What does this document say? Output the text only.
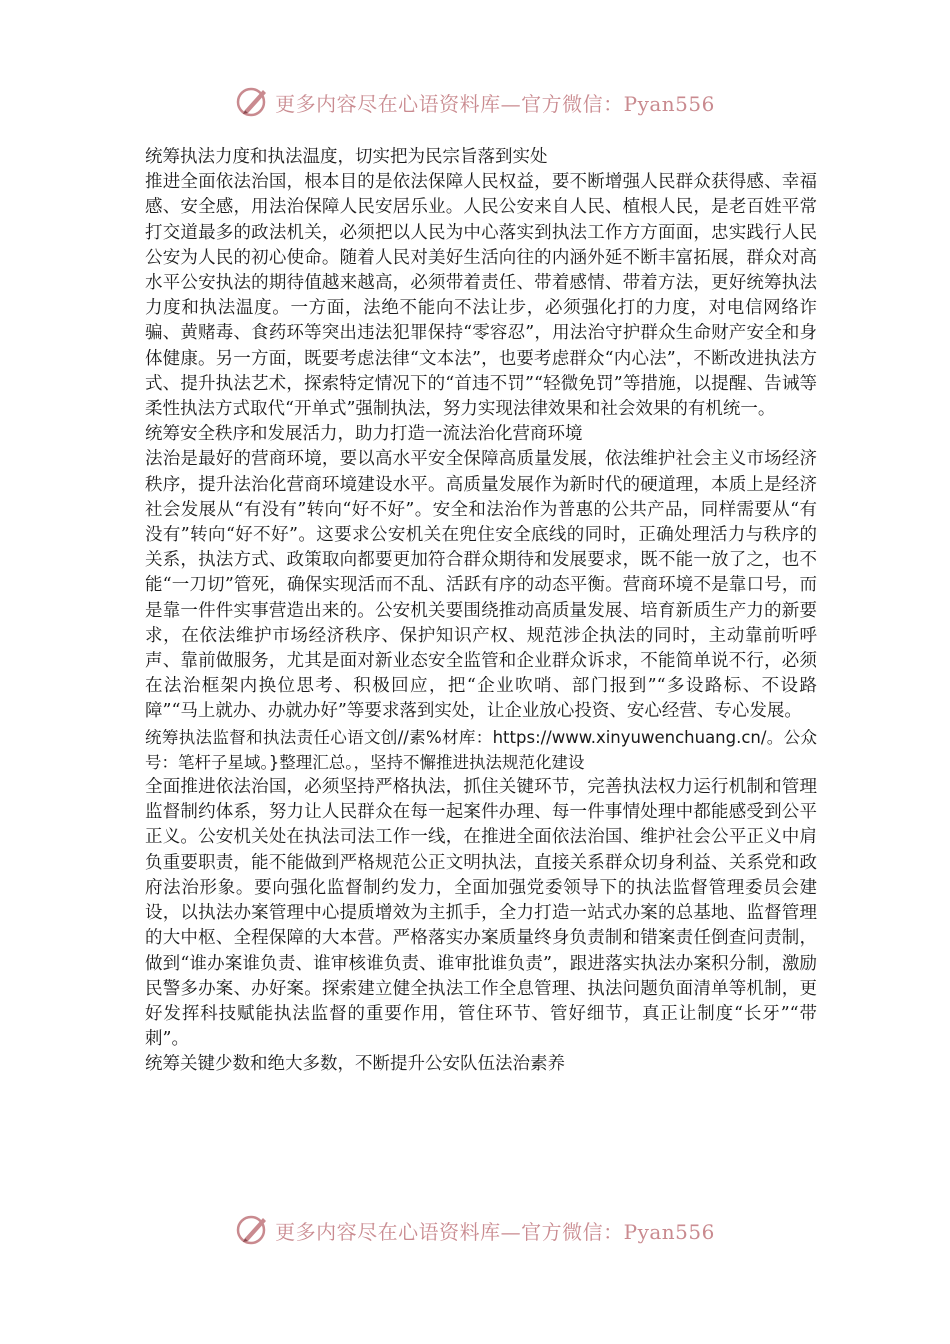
更多内容尽在心语资料库—官方微信：Pyan556

统筹执法力度和执法温度，切实把为民宗旨落到实处

推进全面依法治国，根本目的是依法保障人民权益，要不断增强人民群众获得感、幸福感、安全感，用法治保障人民安居乐业。人民公安来自人民、植根人民，是老百姓平常打交道最多的政法机关，必须把以人民为中心落实到执法工作方方面面，忠实践行人民公安为人民的初心使命。随着人民对美好生活向往的内涵外延不断丰富拓展，群众对高水平公安执法的期待值越来越高，必须带着责任、带着感情、带着方法，更好统筹执法力度和执法温度。一方面，法绝不能向不法让步，必须强化打的力度，对电信网络诈骗、黄赌毒、食药环等突出违法犯罪保持“零容忍”，用法治守护群众生命财产安全和身体健康。另一方面，既要考虑法律“文本法”，也要考虑群众“内心法”，不断改进执法方式、提升执法艺术，探索特定情况下的“首违不罚”“轻微免罚”等措施，以提醒、告诫等柔性执法方式取代“开单式”强制执法，努力实现法律效果和社会效果的有机统一。

统筹安全秩序和发展活力，助力打造一流法治化营商环境

法治是最好的营商环境，要以高水平安全保障高质量发展，依法维护社会主义市场经济秩序，提升法治化营商环境建设水平。高质量发展作为新时代的硬道理，本质上是经济社会发展从“有没有”转向“好不好”。安全和法治作为普惠的公共产品，同样需要从“有没有”转向“好不好”。这要求公安机关在兜住安全底线的同时，正确处理活力与秩序的关系，执法方式、政策取向都要更加符合群众期待和发展要求，既不能一放了之，也不能“一刀切”管死，确保实现活而不乱、活跃有序的动态平衡。营商环境不是靠口号，而是靠一件件实事营造出来的。公安机关要围绕推动高质量发展、培育新质生产力的新要求，在依法维护市场经济秩序、保护知识产权、规范涉企执法的同时，主动靠前听呼声、靠前做服务，尤其是面对新业态安全监管和企业群众诉求，不能简单说不行，必须在法治框架内换位思考、积极回应，把“企业吹哨、部门报到”“多设路标、不设路障”“马上就办、办就办好”等要求落到实处，让企业放心投资、安心经营、专心发展。

统筹执法监督和执法责任心语文创//素%材库：https://www.xinyuwenchuang.cn/。公众号：笔杆子星域。}整理汇总。，坚持不懈推进执法规范化建设

全面推进依法治国，必须坚持严格执法，抓住关键环节，完善执法权力运行机制和管理监督制约体系，努力让人民群众在每一起案件办理、每一件事情处理中都能感受到公平正义。公安机关处在执法司法工作一线，在推进全面依法治国、维护社会公平正义中肩负重要职责，能不能做到严格规范公正文明执法，直接关系群众切身利益、关系党和政府法治形象。要向强化监督制约发力，全面加强党委领导下的执法监督管理委员会建设，以执法办案管理中心提质增效为主抓手，全力打造一站式办案的总基地、监督管理的大中枢、全程保障的大本营。严格落实办案质量终身负责制和错案责任倒查问责制，做到“谁办案谁负责、谁审核谁负责、谁审批谁负责”，跟进落实执法办案积分制，激励民警多办案、办好案。探索建立健全执法工作全息管理、执法问题负面清单等机制，更好发挥科技赋能执法监督的重要作用，管住环节、管好细节，真正让制度“长牙”“带刺”。

统筹关键少数和绝大多数，不断提升公安队伍法治素养

更多内容尽在心语资料库—官方微信：Pyan556
